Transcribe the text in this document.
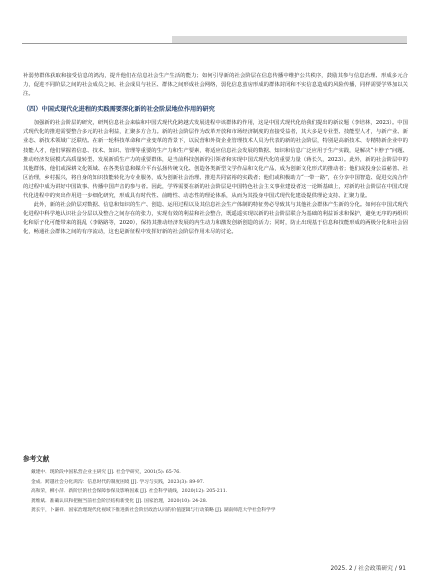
补弱势群体获取和接受信息的鸿沟，提升他们在信息社会生产生活的能力；如何引导新的社会阶层在信息传播中维护公共秩序，鼓励其参与信息治理、形成多元合力，促进不同阶层之间的社会成员之间、社会成员与社区、群体之间形成社会网络，弱化信息茧房形成的群体封闭和不实信息造成的风险传播，同样需要学界加以关注。

（四）中国式现代化进程的实践需要深化新的社会阶层地位作用的研究

加强新的社会阶层的研究，研判信息社会来临和中国式现代化跨越式发展进程中该群体的作用，这是中国式现代化给我们提出的新议题（李培林，2023）。中国式现代化的推进需要整合多元的社会利益，汇聚多方合力。新的社会阶层作为改革开放和市场经济制度的直接受益者，其大多是专业型、技能型人才，与新产业、新业态、新技术领域广泛联结。在新一轮科技革命和产业变革的背景下，以民营和外资企业管理技术人员为代表的新的社会阶层，特别是高新技术、专精特新企业中的技能人才，他们掌握着信息、技术、知识、管理等重要的生产力和生产要素，将适应信息社会发展的数据、知识和信息广泛应用于生产实践，是解决“卡脖子”问题、推动经济发展模式高质量转型、发展新质生产力的重要群体，是当前科技创新的引领者和实现中国式现代化的重要力量（蒋长久，2023）。此外，新的社会阶层中的其他群体，他们或深耕文化领域、在各类信息和媒介平台弘扬传统文化、创造各类新型文学作品和文化产品，成为创新文化形式的推动者；他们或投身公益慈善、社区治理，乡村振兴，将自身的知识技能转化为专业服务，成为创新社会治理、推进共同富裕的实践者；他们或积极助力“一带一路”，在分享中国智造、促进交流合作的过程中成为讲好中国故事、传播中国声音的参与者。因此，学界需要在新的社会阶层是中国特色社会主义事业建设者这一论断基础上，对新的社会阶层在中国式现代化进程中的突出作用进一步细化研究，形成具有时代性、前瞻性、动态性的理论体系，从而为其投身中国式现代化建设提供理论支持、汇聚力量。

此外，新的社会阶层对数据、信息和知识的生产、创造、运用过程以及其信息社会生产体制的特征势必导致其与其他社会群体产生新的分化。如何在中国式现代化进程中科学地认识社会分层以及整合之间存在的张力，实现有效的利益和社会整合，既遥遥实现以新的社会阶层联合为基础的利益诉求和保护，避免无序的再组织化和原子化可能带来的混乱（李路路等，2020），保持其推动经济发展的内生动力和激发创新创造的活力；同时，防止出现基于信息和技能形成的两极分化和社会固化，畅通社会群体之间的有序流动，这也是新征程中发挥好新的社会阶层作用未尽的讨论。

参考文献
戴建中．现阶段中国私营企业主研究 [J]. 社会学研究，2001(5): 65-76.
金成．跨越社会分化鸿沟：信息时代的制度困境 [J]. 学习与实践，2023(3): 89-97.
高和荣，柳小萍．新阶层的社会保障参保及影响因素 [J]. 社会科学战线，2020(12): 205-211.
龚维斌．准确认识和把握当前社会阶层结构新变化 [J]. 国家治理，2020(10): 24-28.
龚长宇，卜谦祥．国家治理现代化视域下推进新社会阶层政治认同的价值逻辑与行动策略 [J]. 湖南师范大学社会科学学
2025. 2 / 社会政策研究 / 91
